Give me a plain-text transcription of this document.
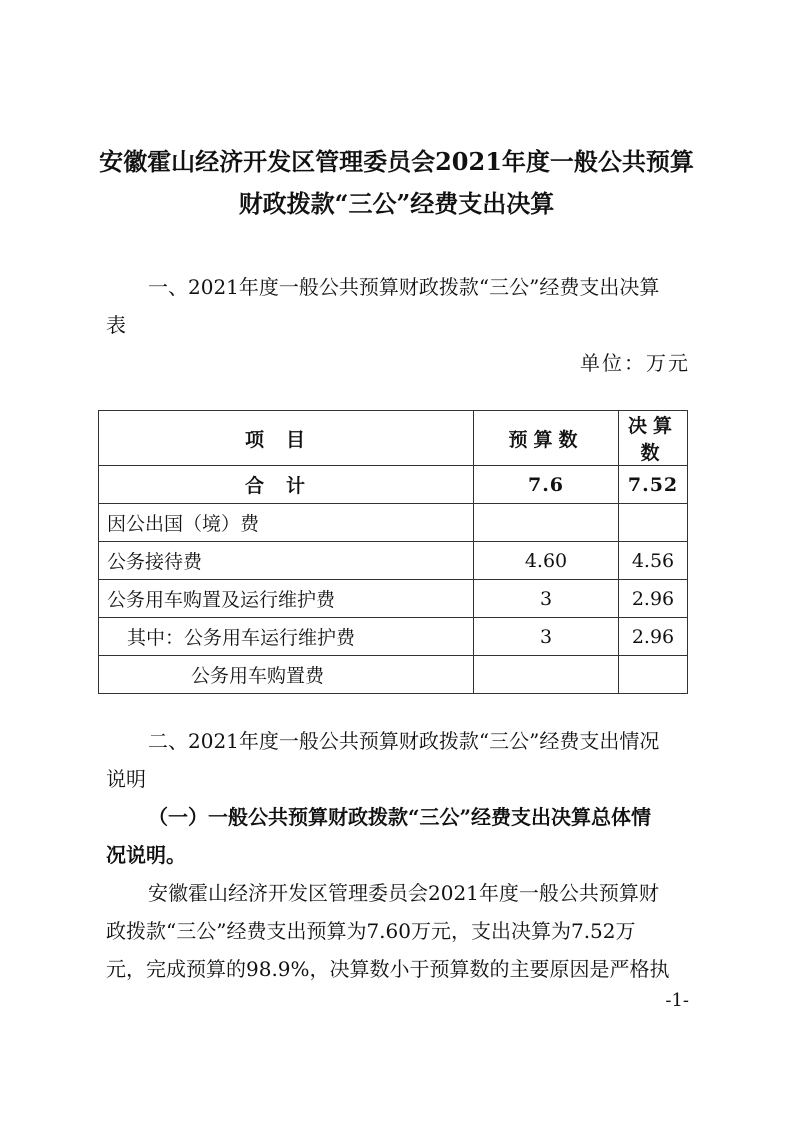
安徽霍山经济开发区管理委员会2021年度一般公共预算
财政拨款“三公”经费支出决算
一、2021年度一般公共预算财政拨款“三公”经费支出决算
表
单位：万元
项目	预算数	决算数
合计	7.6	7.52
因公出国（境）费		
公务接待费	4.60	4.56
公务用车购置及运行维护费	3	2.96
其中：公务用车运行维护费	3	2.96
公务用车购置费		
二、2021年度一般公共预算财政拨款“三公”经费支出情况
说明
（一）一般公共预算财政拨款“三公”经费支出决算总体情
况说明。
安徽霍山经济开发区管理委员会2021年度一般公共预算财
政拨款“三公”经费支出预算为7.60万元，支出决算为7.52万
元，完成预算的98.9%，决算数小于预算数的主要原因是严格执
-1-
